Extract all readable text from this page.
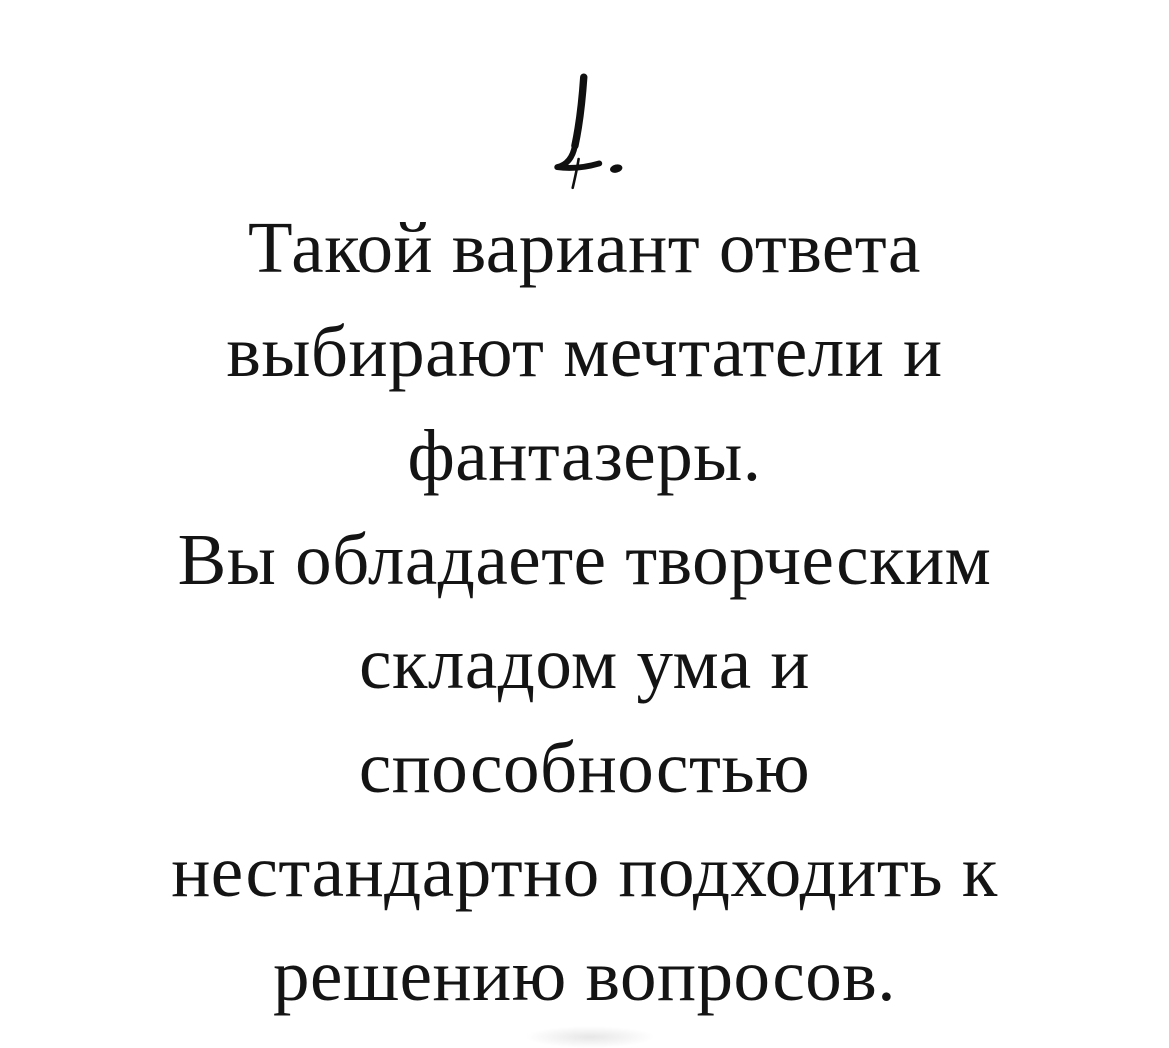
Такой вариант ответа
выбирают мечтатели и
фантазеры.
Вы обладаете творческим
складом ума и
способностью
нестандартно подходить к
решению вопросов.
